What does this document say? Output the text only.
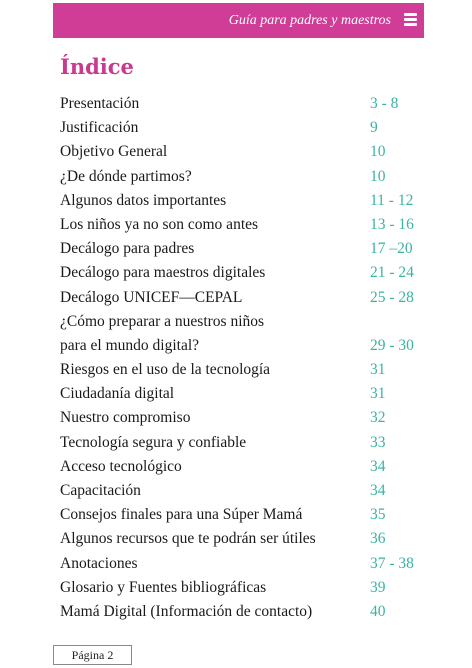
Guía para padres y maestros
Índice
Presentación	3 - 8
Justificación	9
Objetivo General	10
¿De dónde partimos?	10
Algunos datos importantes	11 - 12
Los niños ya no son como antes	13 - 16
Decálogo para padres	17 –20
Decálogo para maestros digitales	21 - 24
Decálogo UNICEF—CEPAL	25 - 28
¿Cómo preparar a nuestros niños
para el mundo digital?	29 - 30
Riesgos en el uso de la tecnología	31
Ciudadanía digital	31
Nuestro compromiso	32
Tecnología segura y confiable	33
Acceso tecnológico	34
Capacitación	34
Consejos finales para una Súper Mamá	35
Algunos recursos que te podrán ser útiles	36
Anotaciones	37 - 38
Glosario y Fuentes bibliográficas	39
Mamá Digital (Información de contacto)	40
Página 2
